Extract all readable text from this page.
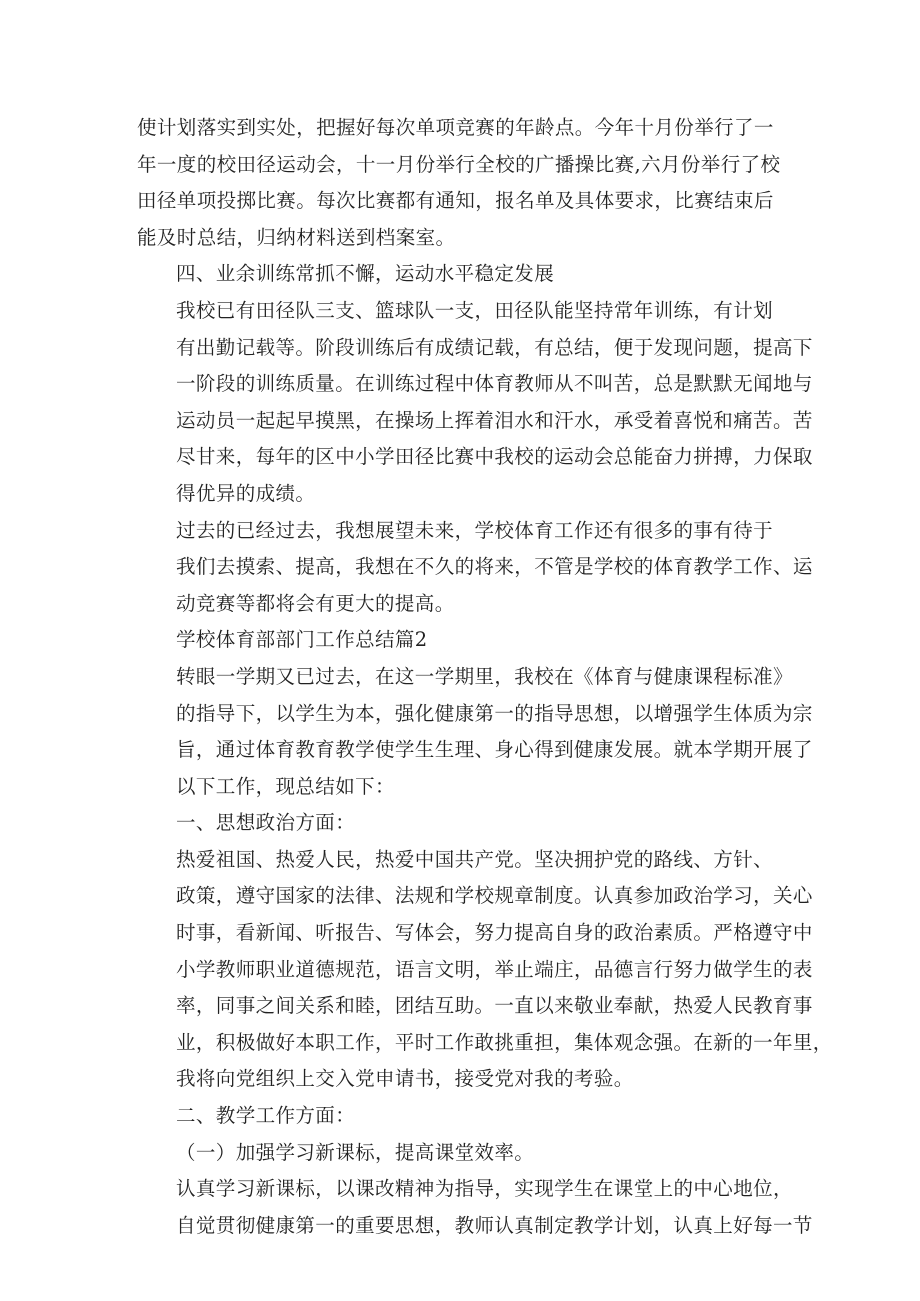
使计划落实到实处，把握好每次单项竞赛的年龄点。今年十月份举行了一
年一度的校田径运动会，十一月份举行全校的广播操比赛,六月份举行了校
田径单项投掷比赛。每次比赛都有通知，报名单及具体要求，比赛结束后
能及时总结，归纳材料送到档案室。

四、业余训练常抓不懈，运动水平稳定发展

我校已有田径队三支、篮球队一支，田径队能坚持常年训练，有计划
有出勤记载等。阶段训练后有成绩记载，有总结，便于发现问题，提高下
一阶段的训练质量。在训练过程中体育教师从不叫苦，总是默默无闻地与
运动员一起起早摸黑，在操场上挥着泪水和汗水，承受着喜悦和痛苦。苦
尽甘来，每年的区中小学田径比赛中我校的运动会总能奋力拼搏，力保取
得优异的成绩。

过去的已经过去，我想展望未来，学校体育工作还有很多的事有待于
我们去摸索、提高，我想在不久的将来，不管是学校的体育教学工作、运
动竞赛等都将会有更大的提高。

学校体育部部门工作总结篇2

转眼一学期又已过去，在这一学期里，我校在《体育与健康课程标准》
的指导下，以学生为本，强化健康第一的指导思想，以增强学生体质为宗
旨，通过体育教育教学使学生生理、身心得到健康发展。就本学期开展了
以下工作，现总结如下：

一、思想政治方面：

热爱祖国、热爱人民，热爱中国共产党。坚决拥护党的路线、方针、
政策，遵守国家的法律、法规和学校规章制度。认真参加政治学习，关心
时事，看新闻、听报告、写体会，努力提高自身的政治素质。严格遵守中
小学教师职业道德规范，语言文明，举止端庄，品德言行努力做学生的表
率，同事之间关系和睦，团结互助。一直以来敬业奉献，热爱人民教育事
业，积极做好本职工作，平时工作敢挑重担，集体观念强。在新的一年里，
我将向党组织上交入党申请书，接受党对我的考验。

二、教学工作方面：

（一）加强学习新课标，提高课堂效率。

认真学习新课标，以课改精神为指导，实现学生在课堂上的中心地位，
自觉贯彻健康第一的重要思想，教师认真制定教学计划，认真上好每一节
